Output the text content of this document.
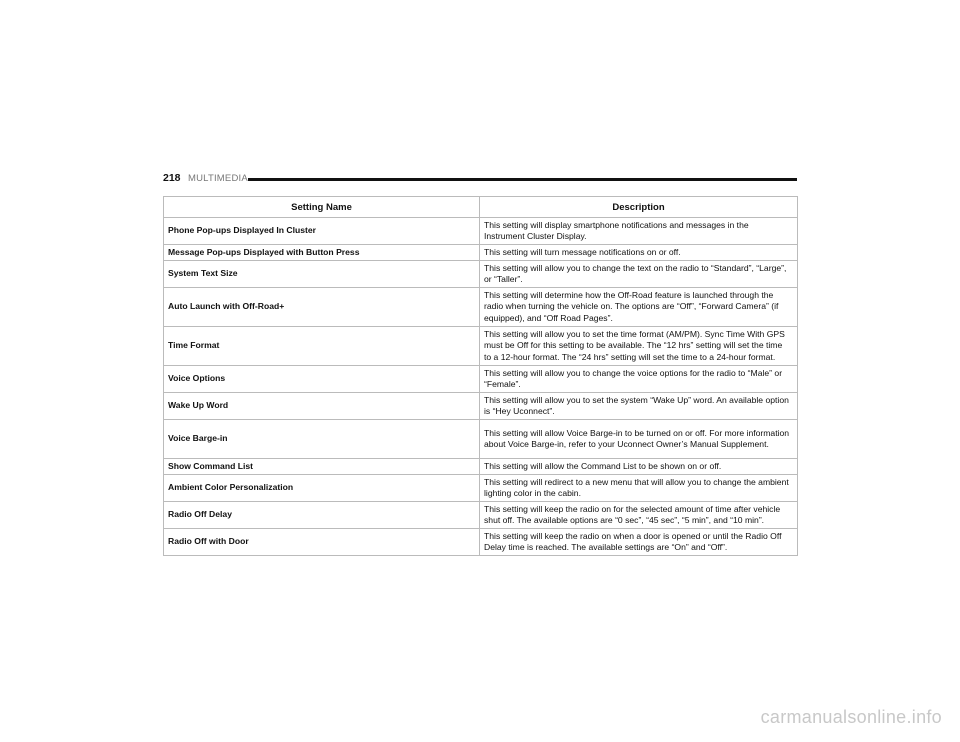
218 MULTIMEDIA
Setting Name	Description
Phone Pop-ups Displayed In Cluster	This setting will display smartphone notifications and messages in the Instrument Cluster Display.
Message Pop-ups Displayed with Button Press	This setting will turn message notifications on or off.
System Text Size	This setting will allow you to change the text on the radio to “Standard”, “Large”, or “Taller”.
Auto Launch with Off-Road+	This setting will determine how the Off-Road feature is launched through the radio when turning the vehicle on. The options are “Off”, “Forward Camera” (if equipped), and “Off Road Pages”.
Time Format	This setting will allow you to set the time format (AM/PM). Sync Time With GPS must be Off for this setting to be available. The “12 hrs” setting will set the time to a 12-hour format. The “24 hrs” setting will set the time to a 24-hour format.
Voice Options	This setting will allow you to change the voice options for the radio to “Male” or “Female”.
Wake Up Word	This setting will allow you to set the system “Wake Up” word. An available option is “Hey Uconnect”.
Voice Barge-in	This setting will allow Voice Barge-in to be turned on or off. For more information about Voice Barge-in, refer to your Uconnect Owner’s Manual Supplement.
Show Command List	This setting will allow the Command List to be shown on or off.
Ambient Color Personalization	This setting will redirect to a new menu that will allow you to change the ambient lighting color in the cabin.
Radio Off Delay	This setting will keep the radio on for the selected amount of time after vehicle shut off. The available options are “0 sec”, “45 sec”, “5 min”, and “10 min”.
Radio Off with Door	This setting will keep the radio on when a door is opened or until the Radio Off Delay time is reached. The available settings are “On” and “Off”.
carmanualsonline.info
